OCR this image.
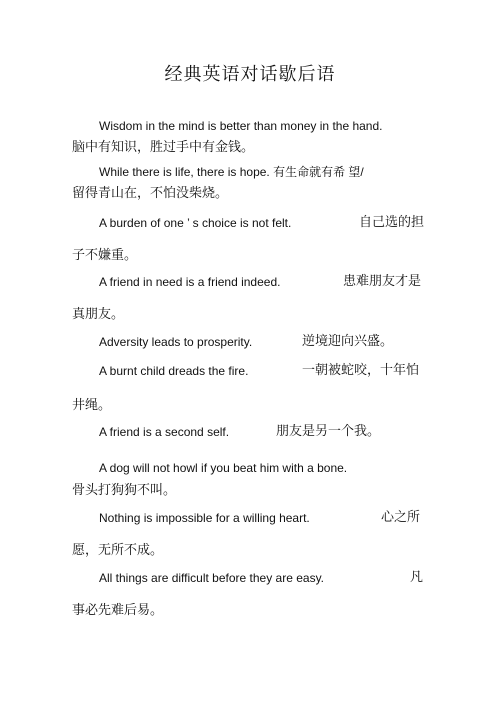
经典英语对话歇后语
Wisdom in the mind is better than money in the hand.
脑中有知识，胜过手中有金钱。
While there is life, there is hope. 有生命就有希 望/
留得青山在，不怕没柴烧。
A burden of one ’ s choice is not felt.	自己选的担
子不嫌重。
A friend in need is a friend indeed.	患难朋友才是
真朋友。
Adversity leads to prosperity.	逆境迎向兴盛。
A burnt child dreads the fire.	一朝被蛇咬，十年怕
井绳。
A friend is a second self.	朋友是另一个我。
A dog will not howl if you beat him with a bone.
骨头打狗狗不叫。
Nothing is impossible for a willing heart.	心之所
愿，无所不成。
All things are difficult before they are easy.	凡
事必先难后易。
